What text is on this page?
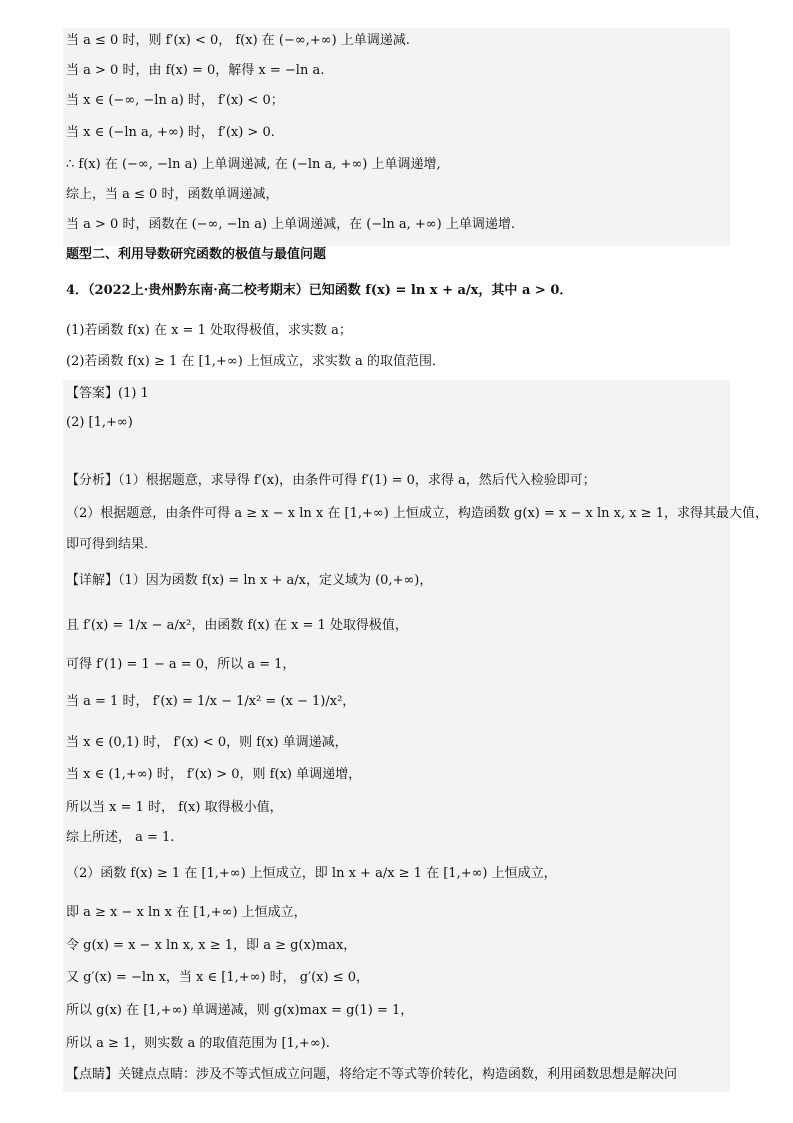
当 a ≤ 0 时，则 f′(x) < 0， f(x) 在 (−∞,+∞) 上单调递减.
当 a > 0 时，由 f(x) = 0，解得 x = −ln a.
当 x ∈ (−∞, −ln a) 时， f′(x) < 0；
当 x ∈ (−ln a, +∞) 时， f′(x) > 0.
∴ f(x) 在 (−∞, −ln a) 上单调递减, 在 (−ln a, +∞) 上单调递增,
综上，当 a ≤ 0 时，函数单调递减，
当 a > 0 时，函数在 (−∞, −ln a) 上单调递减，在 (−ln a, +∞) 上单调递增.
题型二、利用导数研究函数的极值与最值问题
4．（2022上·贵州黔东南·高二校考期末）已知函数 f(x) = ln x + a/x，其中 a > 0．
(1)若函数 f(x) 在 x = 1 处取得极值，求实数 a；
(2)若函数 f(x) ≥ 1 在 [1,+∞) 上恒成立，求实数 a 的取值范围．
【答案】(1) 1
(2) [1,+∞)
【分析】（1）根据题意，求导得 f′(x)，由条件可得 f′(1) = 0，求得 a，然后代入检验即可；
（2）根据题意，由条件可得 a ≥ x − x ln x 在 [1,+∞) 上恒成立，构造函数 g(x) = x − x ln x, x ≥ 1，求得其最大值，
即可得到结果.
【详解】（1）因为函数 f(x) = ln x + a/x，定义域为 (0,+∞)，
且 f′(x) = 1/x − a/x²，由函数 f(x) 在 x = 1 处取得极值，
可得 f′(1) = 1 − a = 0，所以 a = 1，
当 a = 1 时， f′(x) = 1/x − 1/x² = (x − 1)/x²，
当 x ∈ (0,1) 时， f′(x) < 0，则 f(x) 单调递减，
当 x ∈ (1,+∞) 时， f′(x) > 0，则 f(x) 单调递增，
所以当 x = 1 时， f(x) 取得极小值，
综上所述， a = 1.
（2）函数 f(x) ≥ 1 在 [1,+∞) 上恒成立，即 ln x + a/x ≥ 1 在 [1,+∞) 上恒成立，
即 a ≥ x − x ln x 在 [1,+∞) 上恒成立，
令 g(x) = x − x ln x, x ≥ 1，即 a ≥ g(x)max，
又 g′(x) = −ln x，当 x ∈ [1,+∞) 时， g′(x) ≤ 0，
所以 g(x) 在 [1,+∞) 单调递减，则 g(x)max = g(1) = 1，
所以 a ≥ 1，则实数 a 的取值范围为 [1,+∞).
【点睛】关键点点睛：涉及不等式恒成立问题，将给定不等式等价转化，构造函数，利用函数思想是解决问
